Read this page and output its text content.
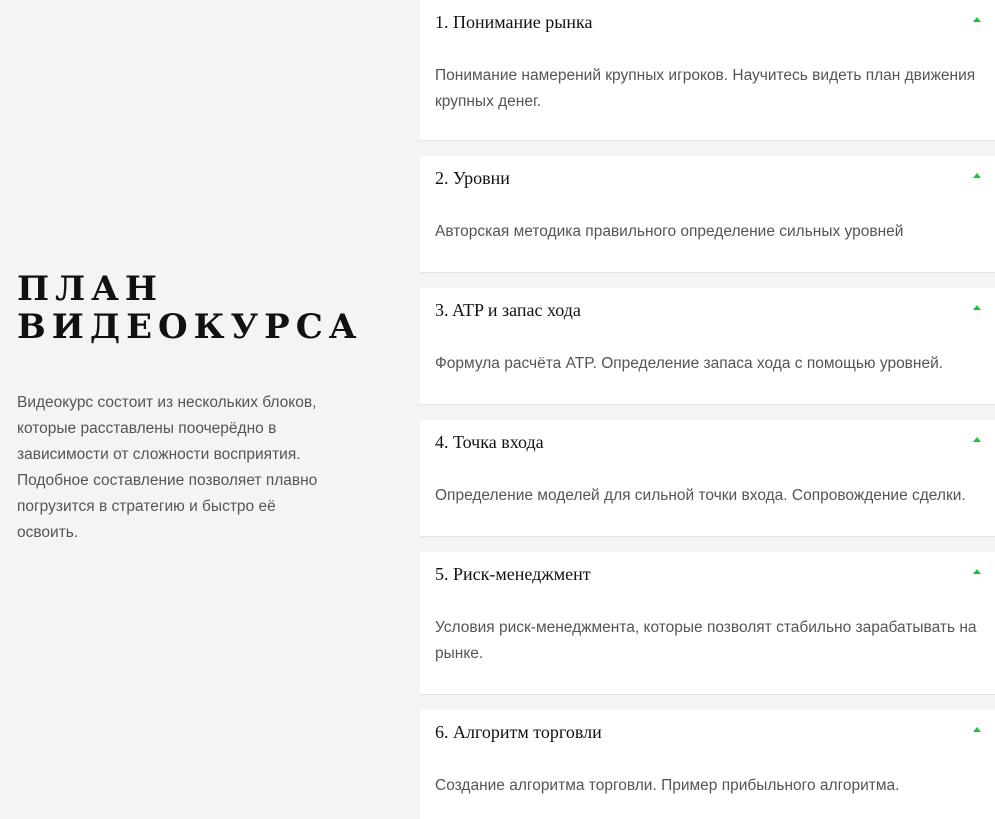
ПЛАН
ВИДЕОКУРСА

Видеокурс состоит из нескольких блоков, которые расставлены поочерёдно в зависимости от сложности восприятия. Подобное составление позволяет плавно погрузится в стратегию и быстро её освоить.

1. Понимание рынка
Понимание намерений крупных игроков. Научитесь видеть план движения крупных денег.
2. Уровни
Авторская методика правильного определение сильных уровней
3. ATP и запас хода
Формула расчёта ATP. Определение запаса хода с помощью уровней.
4. Точка входа
Определение моделей для сильной точки входа. Сопровождение сделки.
5. Риск-менеджмент
Условия риск-менеджмента, которые позволят стабильно зарабатывать на рынке.
6. Алгоритм торговли
Создание алгоритма торговли. Пример прибыльного алгоритма.
